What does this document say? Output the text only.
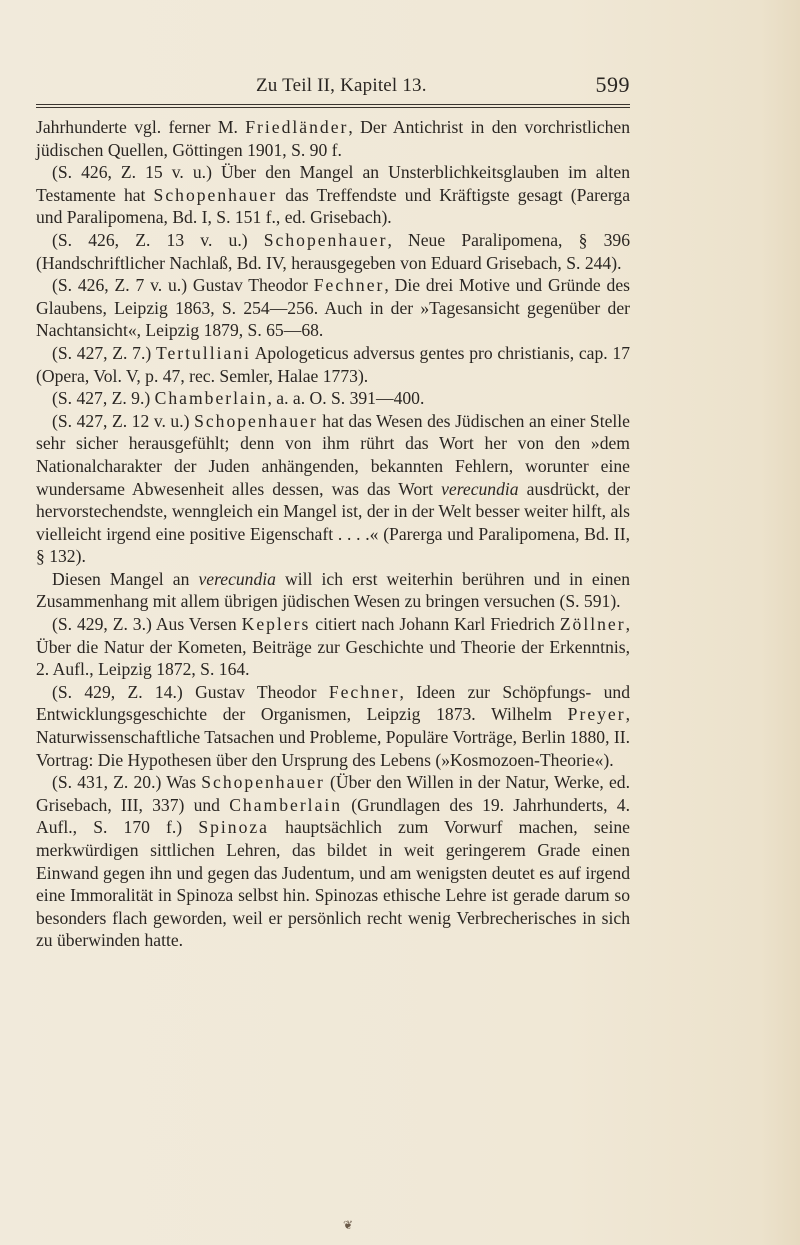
Zu Teil II, Kapitel 13.	599

Jahrhunderte vgl. ferner M. Friedländer, Der Antichrist in den vorchristlichen jüdischen Quellen, Göttingen 1901, S. 90 f.

(S. 426, Z. 15 v. u.) Über den Mangel an Unsterblichkeitsglauben im alten Testamente hat Schopenhauer das Treffendste und Kräftigste gesagt (Parerga und Paralipomena, Bd. I, S. 151 f., ed. Grisebach).

(S. 426, Z. 13 v. u.) Schopenhauer, Neue Paralipomena, § 396 (Handschriftlicher Nachlaß, Bd. IV, herausgegeben von Eduard Grisebach, S. 244).

(S. 426, Z. 7 v. u.) Gustav Theodor Fechner, Die drei Motive und Gründe des Glaubens, Leipzig 1863, S. 254—256. Auch in der »Tagesansicht gegenüber der Nachtansicht«, Leipzig 1879, S. 65—68.

(S. 427, Z. 7.) Tertulliani Apologeticus adversus gentes pro christianis, cap. 17 (Opera, Vol. V, p. 47, rec. Semler, Halae 1773).

(S. 427, Z. 9.) Chamberlain, a. a. O. S. 391—400.

(S. 427, Z. 12 v. u.) Schopenhauer hat das Wesen des Jüdischen an einer Stelle sehr sicher herausgefühlt; denn von ihm rührt das Wort her von den »dem Nationalcharakter der Juden anhängenden, bekannten Fehlern, worunter eine wundersame Abwesenheit alles dessen, was das Wort verecundia ausdrückt, der hervorstechendste, wenngleich ein Mangel ist, der in der Welt besser weiter hilft, als vielleicht irgend eine positive Eigenschaft . . . .« (Parerga und Paralipomena, Bd. II, § 132).

Diesen Mangel an verecundia will ich erst weiterhin berühren und in einen Zusammenhang mit allem übrigen jüdischen Wesen zu bringen versuchen (S. 591).

(S. 429, Z. 3.) Aus Versen Keplers citiert nach Johann Karl Friedrich Zöllner, Über die Natur der Kometen, Beiträge zur Geschichte und Theorie der Erkenntnis, 2. Aufl., Leipzig 1872, S. 164.

(S. 429, Z. 14.) Gustav Theodor Fechner, Ideen zur Schöpfungs- und Entwicklungsgeschichte der Organismen, Leipzig 1873. Wilhelm Preyer, Naturwissenschaftliche Tatsachen und Probleme, Populäre Vorträge, Berlin 1880, II. Vortrag: Die Hypothesen über den Ursprung des Lebens (»Kosmozoen-Theorie«).

(S. 431, Z. 20.) Was Schopenhauer (Über den Willen in der Natur, Werke, ed. Grisebach, III, 337) und Chamberlain (Grundlagen des 19. Jahrhunderts, 4. Aufl., S. 170 f.) Spinoza hauptsächlich zum Vorwurf machen, seine merkwürdigen sittlichen Lehren, das bildet in weit geringerem Grade einen Einwand gegen ihn und gegen das Judentum, und am wenigsten deutet es auf irgend eine Immoralität in Spinoza selbst hin. Spinozas ethische Lehre ist gerade darum so besonders flach geworden, weil er persönlich recht wenig Verbrecherisches in sich zu überwinden hatte.

❦
